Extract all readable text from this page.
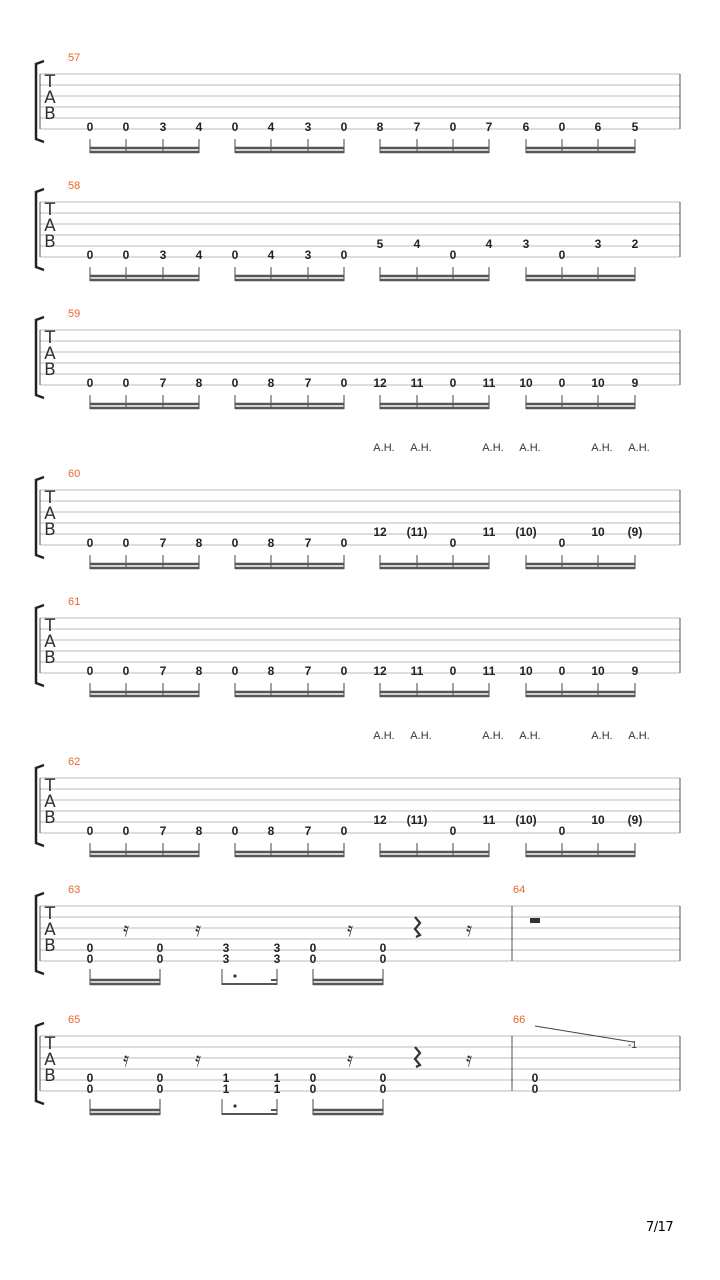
T
A
B
57
0 0	3 4 0 4	3 0 8	7 0 7	6 0 6	5
T
A
B
58
0 0	3 4 0 4	3 0
5	4
0
4	3
0
3	2
T
A
B
59
0 0	7 8 0 8	7 0 12 11 0 11 10 0 10 9
T
A
B
60
0 0	7 8 0 8	7 0
12
A.H.
(11)
A.H.
0
11
A.H.
(10)
A.H.
0
10
A.H.
(9)
A.H.
T
A
B
61
0 0	7 8 0 8	7 0 12 11 0 11 10 0 10 9
T
A
B
62
0 0	7 8 0 8	7 0
12
A.H.
(11)
A.H.
0
11
A.H.
(10)
A.H.
0
10
A.H.
(9)
A.H.
T
A
B
63	64
0
0
0
0
3
3
3
3
0
0
0
0
𝄿	𝄿	𝄿	𝄿
T
A
B
65	66
0
0
0
0
1
1
1
1
0
0
0
0
0
0
𝄿	𝄿	𝄿	𝄿
-1
7/17
